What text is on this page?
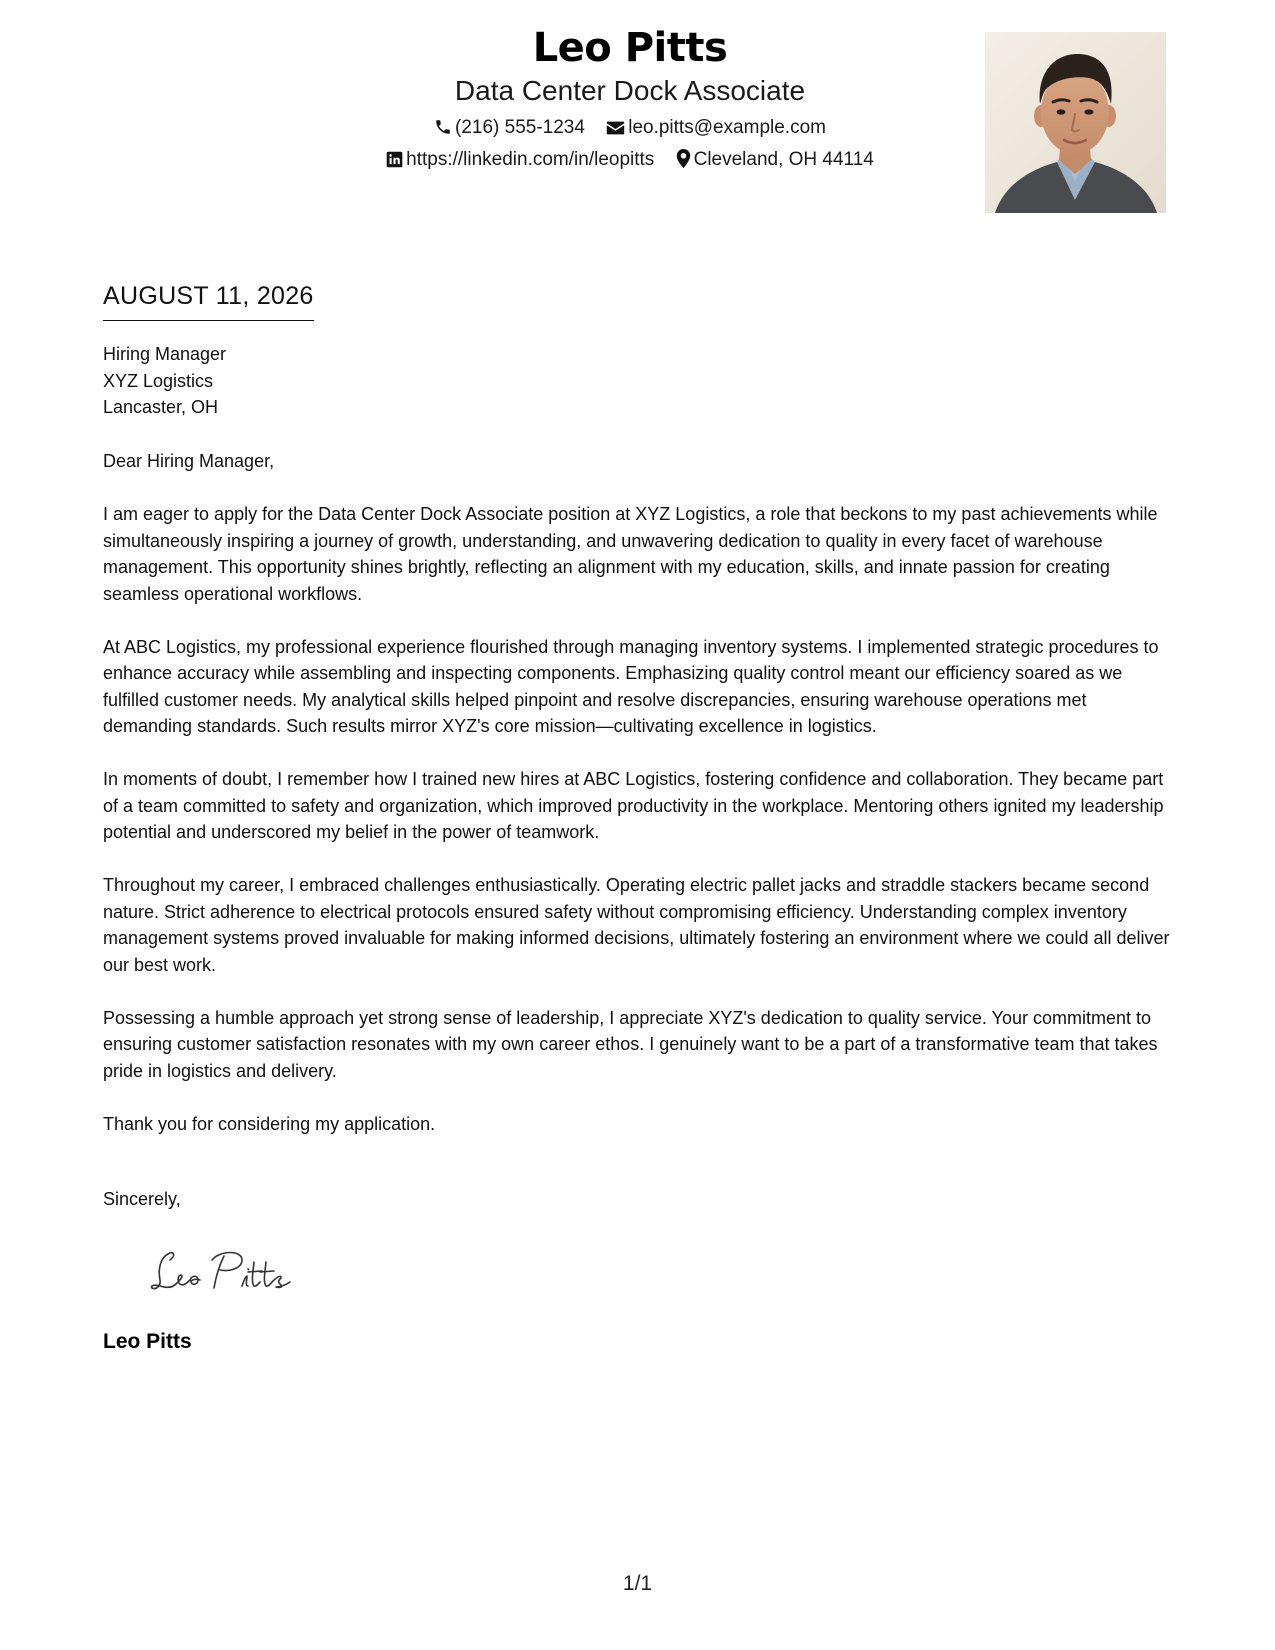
Leo Pitts
Data Center Dock Associate
(216) 555-1234 leo.pitts@example.com
https://linkedin.com/in/leopitts Cleveland, OH 44114
AUGUST 11, 2026
Hiring Manager
XYZ Logistics
Lancaster, OH

Dear Hiring Manager,

I am eager to apply for the Data Center Dock Associate position at XYZ Logistics, a role that beckons to my past achievements while simultaneously inspiring a journey of growth, understanding, and unwavering dedication to quality in every facet of warehouse management. This opportunity shines brightly, reflecting an alignment with my education, skills, and innate passion for creating seamless operational workflows.

At ABC Logistics, my professional experience flourished through managing inventory systems. I implemented strategic procedures to enhance accuracy while assembling and inspecting components. Emphasizing quality control meant our efficiency soared as we fulfilled customer needs. My analytical skills helped pinpoint and resolve discrepancies, ensuring warehouse operations met demanding standards. Such results mirror XYZ's core mission—cultivating excellence in logistics.

In moments of doubt, I remember how I trained new hires at ABC Logistics, fostering confidence and collaboration. They became part of a team committed to safety and organization, which improved productivity in the workplace. Mentoring others ignited my leadership potential and underscored my belief in the power of teamwork.

Throughout my career, I embraced challenges enthusiastically. Operating electric pallet jacks and straddle stackers became second nature. Strict adherence to electrical protocols ensured safety without compromising efficiency. Understanding complex inventory management systems proved invaluable for making informed decisions, ultimately fostering an environment where we could all deliver our best work.

Possessing a humble approach yet strong sense of leadership, I appreciate XYZ's dedication to quality service. Your commitment to ensuring customer satisfaction resonates with my own career ethos. I genuinely want to be a part of a transformative team that takes pride in logistics and delivery.

Thank you for considering my application.

Sincerely,
Leo Pitts
1/1
